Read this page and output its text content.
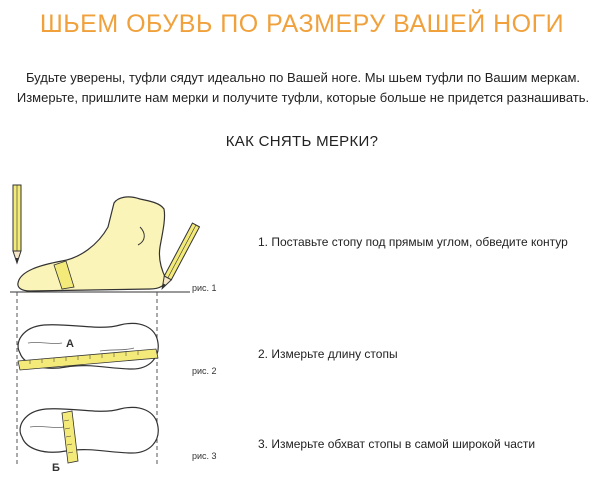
ШЬЕМ ОБУВЬ ПО РАЗМЕРУ ВАШЕЙ НОГИ
Будьте уверены, туфли сядут идеально по Вашей ноге. Мы шьем туфли по Вашим меркам.
Измерьте, пришлите нам мерки и получите туфли, которые больше не придется разнашивать.
КАК СНЯТЬ МЕРКИ?
1. Поставьте стопу под прямым углом, обведите контур
2. Измерьте длину стопы
3. Измерьте обхват стопы в самой широкой части
рис. 1
рис. 2
рис. 3
А
Б
